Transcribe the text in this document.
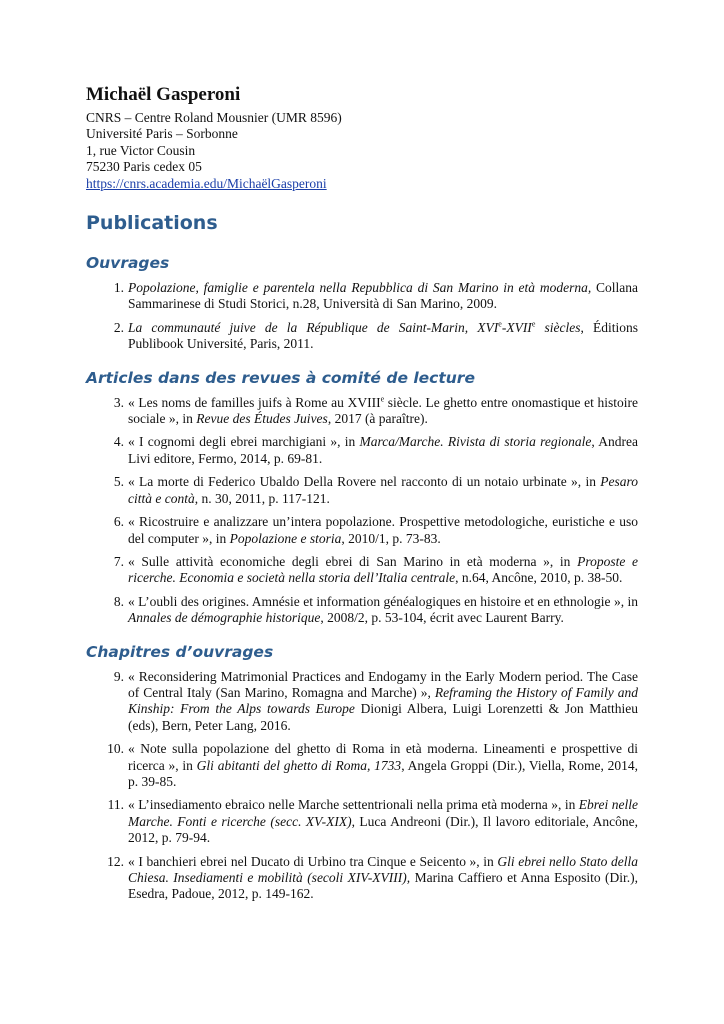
Michaël Gasperoni
CNRS – Centre Roland Mousnier (UMR 8596)
Université Paris – Sorbonne
1, rue Victor Cousin
75230 Paris cedex 05
https://cnrs.academia.edu/MichaëlGasperoni
Publications
Ouvrages
1. Popolazione, famiglie e parentela nella Repubblica di San Marino in età moderna, Collana Sammarinese di Studi Storici, n.28, Università di San Marino, 2009.
2. La communauté juive de la République de Saint-Marin, XVIe-XVIIe siècles, Éditions Publibook Université, Paris, 2011.
Articles dans des revues à comité de lecture
3. « Les noms de familles juifs à Rome au XVIIIe siècle. Le ghetto entre onomastique et histoire sociale », in Revue des Études Juives, 2017 (à paraître).
4. « I cognomi degli ebrei marchigiani », in Marca/Marche. Rivista di storia regionale, Andrea Livi editore, Fermo, 2014, p. 69-81.
5. « La morte di Federico Ubaldo Della Rovere nel racconto di un notaio urbinate », in Pesaro città e contà, n. 30, 2011, p. 117-121.
6. « Ricostruire e analizzare un’intera popolazione. Prospettive metodologiche, euristiche e uso del computer », in Popolazione e storia, 2010/1, p. 73-83.
7. « Sulle attività economiche degli ebrei di San Marino in età moderna », in Proposte e ricerche. Economia e società nella storia dell’Italia centrale, n.64, Ancône, 2010, p. 38-50.
8. « L’oubli des origines. Amnésie et information généalogiques en histoire et en ethnologie », in Annales de démographie historique, 2008/2, p. 53-104, écrit avec Laurent Barry.
Chapitres d’ouvrages
9. « Reconsidering Matrimonial Practices and Endogamy in the Early Modern period. The Case of Central Italy (San Marino, Romagna and Marche) », Reframing the History of Family and Kinship: From the Alps towards Europe Dionigi Albera, Luigi Lorenzetti & Jon Matthieu (eds), Bern, Peter Lang, 2016.
10. « Note sulla popolazione del ghetto di Roma in età moderna. Lineamenti e prospettive di ricerca », in Gli abitanti del ghetto di Roma, 1733, Angela Groppi (Dir.), Viella, Rome, 2014, p. 39-85.
11. « L’insediamento ebraico nelle Marche settentrionali nella prima età moderna », in Ebrei nelle Marche. Fonti e ricerche (secc. XV-XIX), Luca Andreoni (Dir.), Il lavoro editoriale, Ancône, 2012, p. 79-94.
12. « I banchieri ebrei nel Ducato di Urbino tra Cinque e Seicento », in Gli ebrei nello Stato della Chiesa. Insediamenti e mobilità (secoli XIV-XVIII), Marina Caffiero et Anna Esposito (Dir.), Esedra, Padoue, 2012, p. 149-162.
